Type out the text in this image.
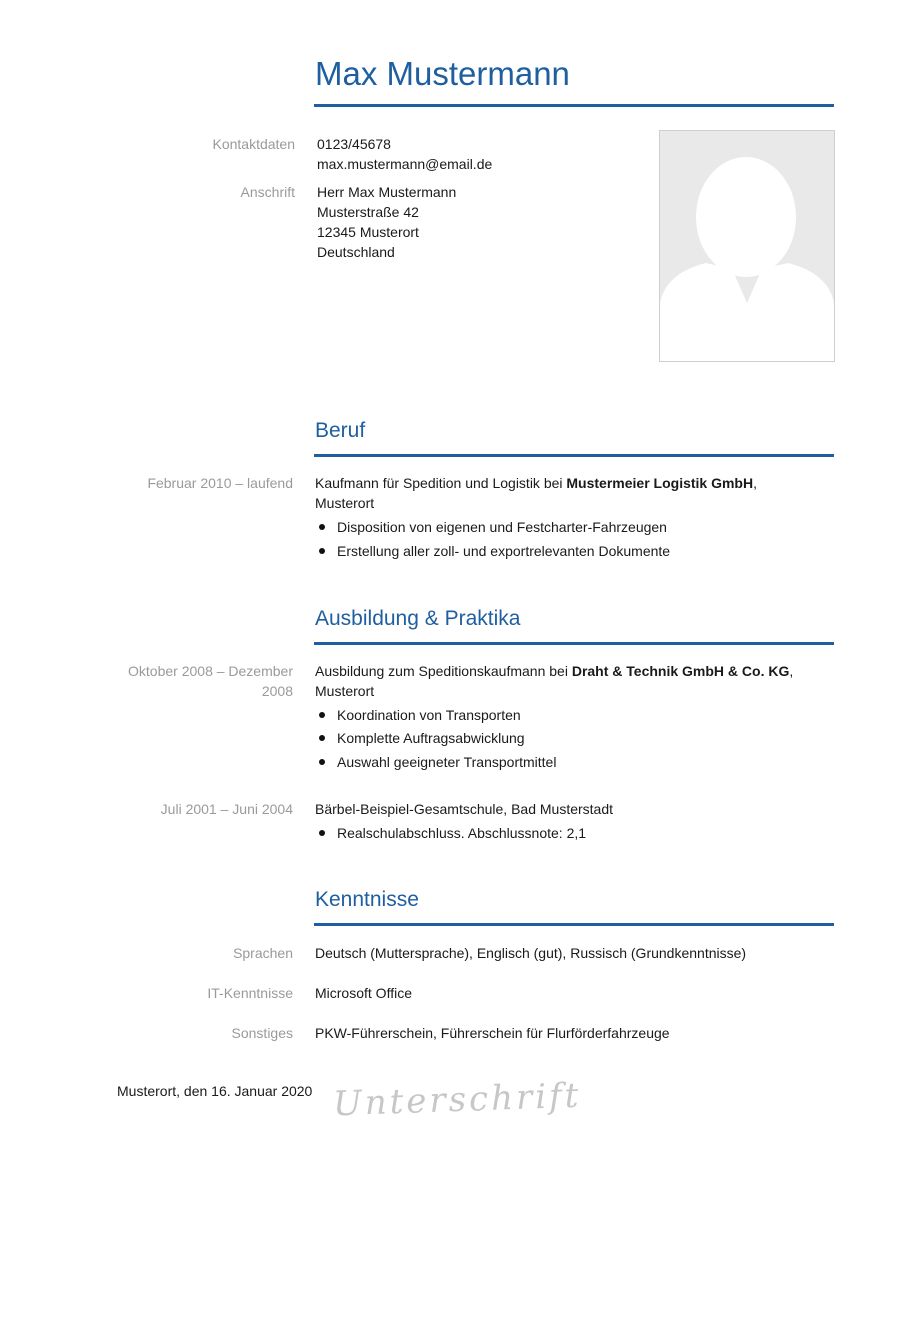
Max Mustermann
Kontaktdaten 0123/45678
max.mustermann@email.de
Anschrift Herr Max Mustermann
Musterstraße 42
12345 Musterort
Deutschland
Beruf
Februar 2010 – laufend Kaufmann für Spedition und Logistik bei Mustermeier Logistik GmbH,
Musterort
Disposition von eigenen und Festcharter-Fahrzeugen
Erstellung aller zoll- und exportrelevanten Dokumente
Ausbildung & Praktika
Oktober 2008 – Dezember
2008
Ausbildung zum Speditionskaufmann bei Draht & Technik GmbH & Co. KG,
Musterort
Koordination von Transporten
Komplette Auftragsabwicklung
Auswahl geeigneter Transportmittel
Juli 2001 – Juni 2004 Bärbel-Beispiel-Gesamtschule, Bad Musterstadt
Realschulabschluss. Abschlussnote: 2,1
Kenntnisse
Sprachen Deutsch (Muttersprache), Englisch (gut), Russisch (Grundkenntnisse)
IT-Kenntnisse Microsoft Office
Sonstiges PKW-Führerschein, Führerschein für Flurförderfahrzeuge
Musterort, den 16. Januar 2020 Unterschrift
